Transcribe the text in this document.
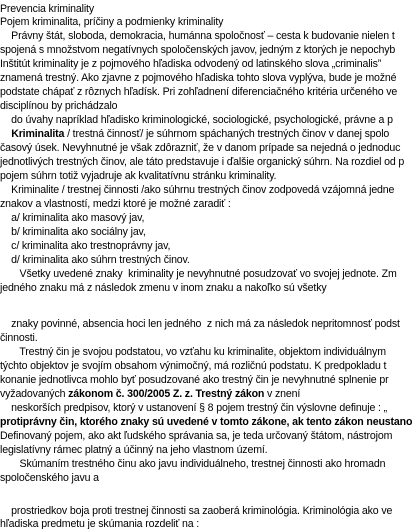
Prevencia kriminality
Pojem kriminalita, príčiny a podmienky kriminality
Právny štát, sloboda, demokracia, humánna spoločnosť – cesta k budovanie nielen t
spojená s množstvom negatívnych spoločenských javov, jedným z ktorých je nepochyb
Inštitút kriminality je z pojmového hľadiska odvodený od latinského slova „criminalis”
znamená trestný. Ako zjavne z pojmového hľadiska tohto slova vyplýva, bude je možné
podstate chápať z rôznych hľadísk. Pri zohľadnení diferenciačného kritéria určeného ve
disciplínou by prichádzalo
do úvahy napríklad hľadisko kriminologické, sociologické, psychologické, právne a p
Kriminalita / trestná činnosť/ je súhrnom spáchaných trestných činov v danej spolo
časový úsek. Nevyhnutné je však zdôrazniť, že v danom prípade sa nejedná o jednoduc
jednotlivých trestných činov, ale táto predstavuje i ďalšie organický súhrn. Na rozdiel od p
pojem súhrn totiž vyjadruje ak kvalitatívnu stránku kriminality.
Kriminalite / trestnej činnosti /ako súhrnu trestných činov zodpovedá vzájomná jedne
znakov a vlastností, medzi ktoré je možné zaradiť :
a/ kriminalita ako masový jav,
b/ kriminalita ako sociálny jav,
c/ kriminalita ako trestnoprávny jav,
d/ kriminalita ako súhrn trestných činov.
Všetky uvedené znaky  kriminality je nevyhnutné posudzovať vo svojej jednote. Zm
jedného znaku má z následok zmenu v inom znaku a nakoľko sú všetky
znaky povinné, absencia hoci len jedného  z nich má za následok nepritomnosť podst
činnosti.
Trestný čin je svojou podstatou, vo vzťahu ku kriminalite, objektom individuálnym
týchto objektov je svojím obsahom výnimočný, má rozličnú podstatu. K predpokladu t
konanie jednotlivca mohlo byť posudzované ako trestný čin je nevyhnutné splnenie pr
vyžadovaných zákonom č. 300/2005 Z. z. Trestný zákon v znení
neskorších predpisov, ktorý v ustanovení § 8 pojem trestný čin výslovne definuje : „
protiprávny čin, ktorého znaky sú uvedené v tomto zákone, ak tento zákon neustano
Definovaný pojem, ako akt ľudského správania sa, je teda určovaný štátom, nástrojom
legislatívny rámec platný a účinný na jeho vlastnom území.
Skúmaním trestného činu ako javu individuálneho, trestnej činnosti ako hromadn
spoločenského javu a
prostriedkov boja proti trestnej činnosti sa zaoberá kriminológia. Kriminológia ako ve
hľadiska predmetu je skúmania rozdeliť na :
